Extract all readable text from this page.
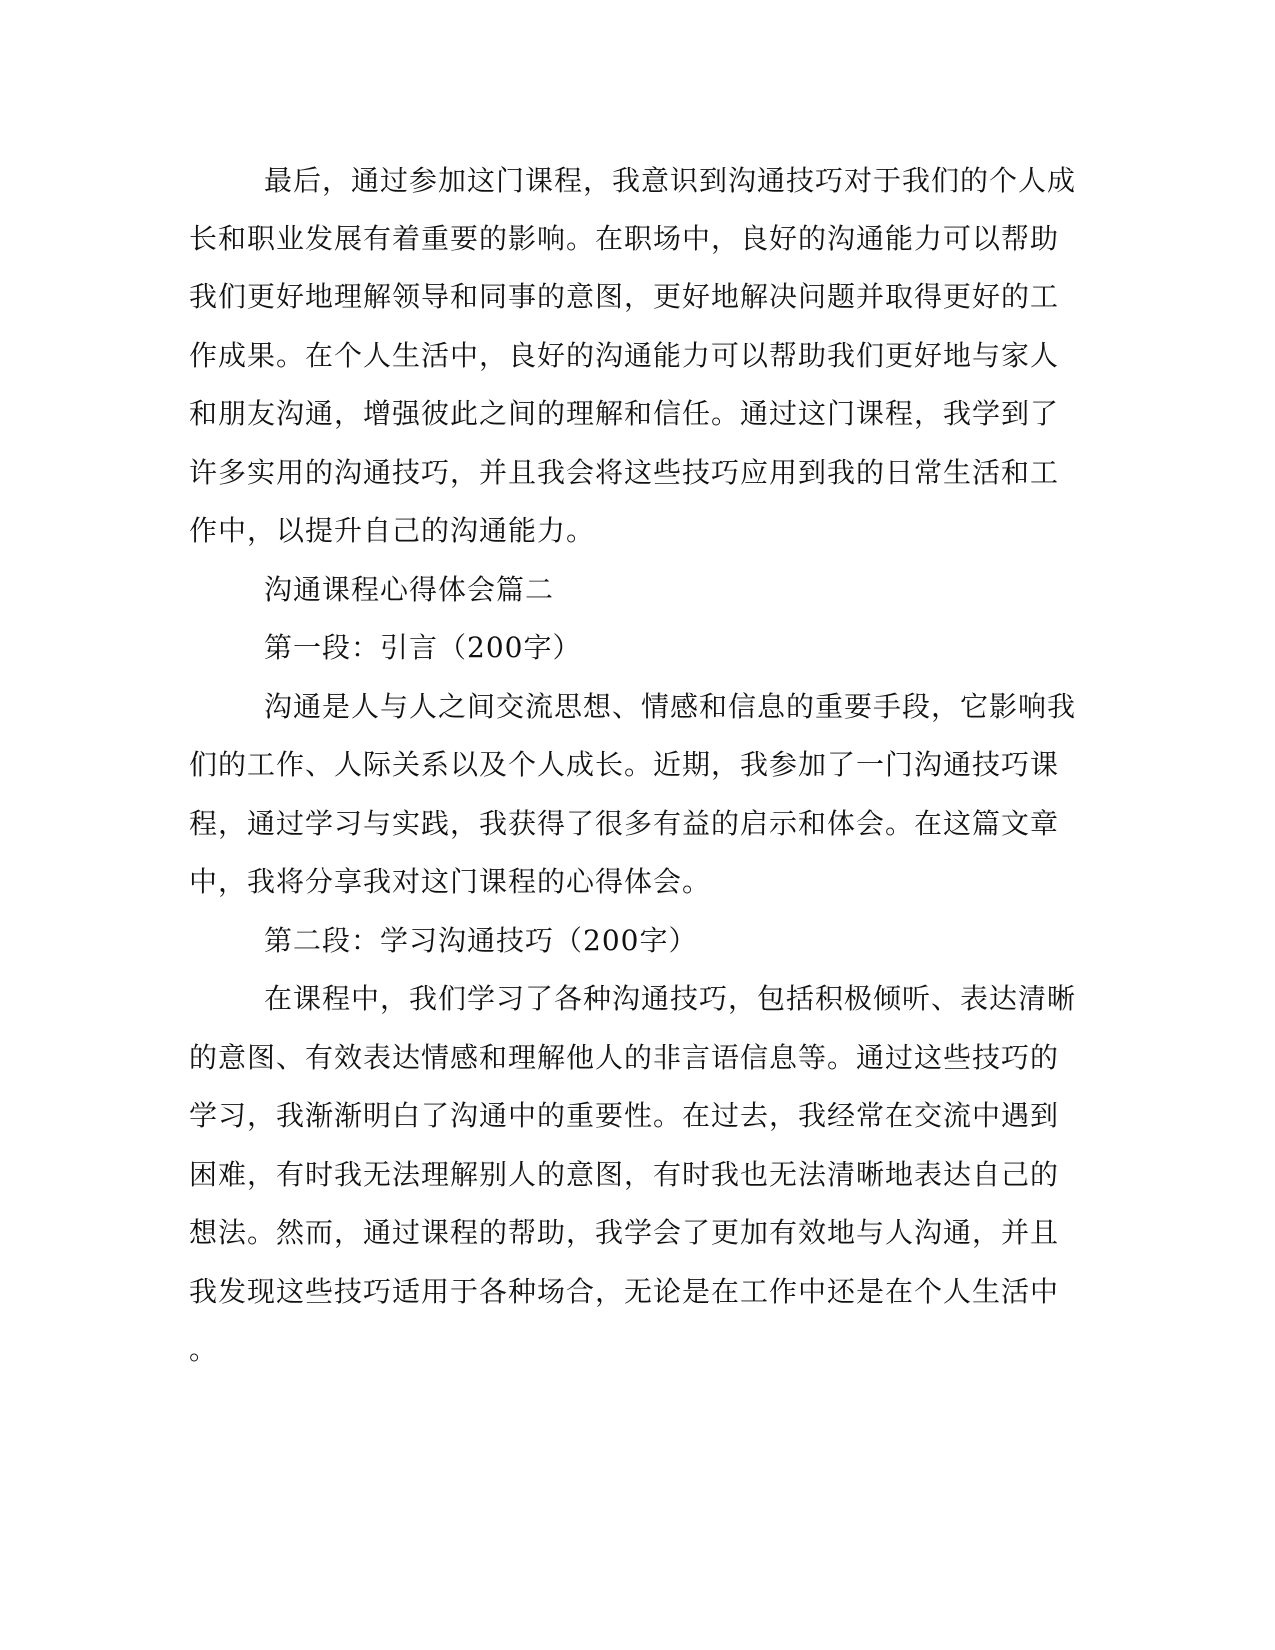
最后，通过参加这门课程，我意识到沟通技巧对于我们的个人成
长和职业发展有着重要的影响。在职场中，良好的沟通能力可以帮助
我们更好地理解领导和同事的意图，更好地解决问题并取得更好的工
作成果。在个人生活中，良好的沟通能力可以帮助我们更好地与家人
和朋友沟通，增强彼此之间的理解和信任。通过这门课程，我学到了
许多实用的沟通技巧，并且我会将这些技巧应用到我的日常生活和工
作中，以提升自己的沟通能力。
沟通课程心得体会篇二
第一段：引言（200字）
沟通是人与人之间交流思想、情感和信息的重要手段，它影响我
们的工作、人际关系以及个人成长。近期，我参加了一门沟通技巧课
程，通过学习与实践，我获得了很多有益的启示和体会。在这篇文章
中，我将分享我对这门课程的心得体会。
第二段：学习沟通技巧（200字）
在课程中，我们学习了各种沟通技巧，包括积极倾听、表达清晰
的意图、有效表达情感和理解他人的非言语信息等。通过这些技巧的
学习，我渐渐明白了沟通中的重要性。在过去，我经常在交流中遇到
困难，有时我无法理解别人的意图，有时我也无法清晰地表达自己的
想法。然而，通过课程的帮助，我学会了更加有效地与人沟通，并且
我发现这些技巧适用于各种场合，无论是在工作中还是在个人生活中
。
